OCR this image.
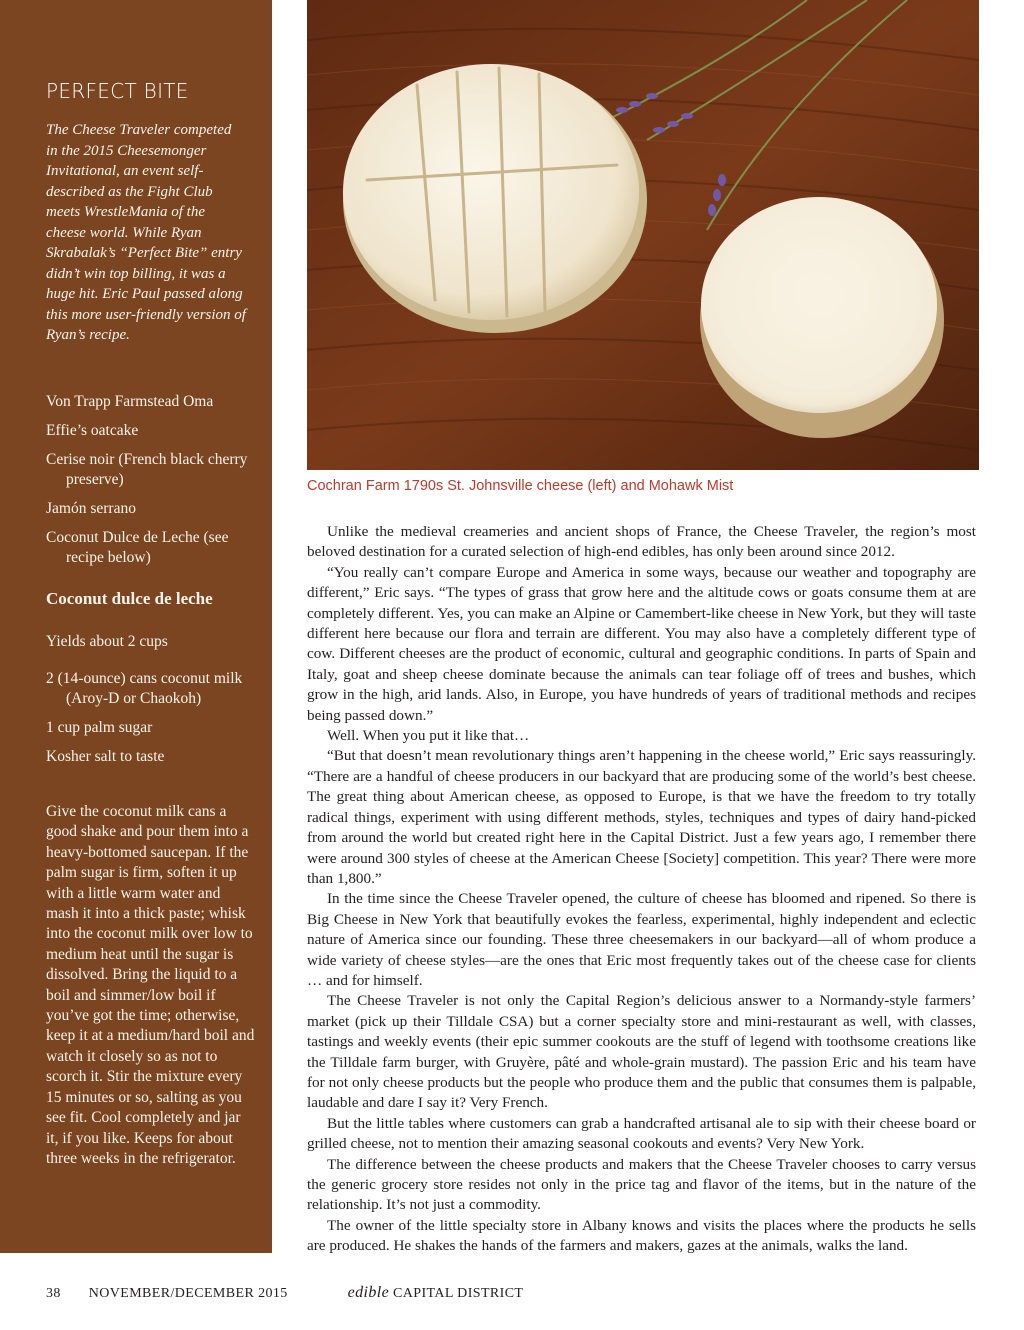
PERFECT BITE
The Cheese Traveler competed in the 2015 Cheesemonger Invitational, an event self-described as the Fight Club meets WrestleMania of the cheese world. While Ryan Skrabalak’s “Perfect Bite” entry didn’t win top billing, it was a huge hit. Eric Paul passed along this more user-friendly version of Ryan’s recipe.
Von Trapp Farmstead Oma
Effie’s oatcake
Cerise noir (French black cherry preserve)
Jamón serrano
Coconut Dulce de Leche (see recipe below)
Coconut dulce de leche
Yields about 2 cups
2 (14-ounce) cans coconut milk (Aroy-D or Chaokoh)
1 cup palm sugar
Kosher salt to taste
Give the coconut milk cans a good shake and pour them into a heavy-bottomed saucepan. If the palm sugar is firm, soften it up with a little warm water and mash it into a thick paste; whisk into the coconut milk over low to medium heat until the sugar is dissolved. Bring the liquid to a boil and simmer/low boil if you’ve got the time; otherwise, keep it at a medium/hard boil and watch it closely so as not to scorch it. Stir the mixture every 15 minutes or so, salting as you see fit. Cool completely and jar it, if you like. Keeps for about three weeks in the refrigerator.
Cochran Farm 1790s St. Johnsville cheese (left) and Mohawk Mist

Unlike the medieval creameries and ancient shops of France, the Cheese Traveler, the region’s most beloved destination for a curated selection of high-end edibles, has only been around since 2012.

“You really can’t compare Europe and America in some ways, because our weather and topography are different,” Eric says. “The types of grass that grow here and the altitude cows or goats consume them at are completely different. Yes, you can make an Alpine or Camembert-like cheese in New York, but they will taste different here because our flora and terrain are different. You may also have a completely different type of cow. Different cheeses are the product of economic, cultural and geographic conditions. In parts of Spain and Italy, goat and sheep cheese dominate because the animals can tear foliage off of trees and bushes, which grow in the high, arid lands. Also, in Europe, you have hundreds of years of traditional methods and recipes being passed down.”

Well. When you put it like that…

“But that doesn’t mean revolutionary things aren’t happening in the cheese world,” Eric says reassuringly. “There are a handful of cheese producers in our backyard that are producing some of the world’s best cheese. The great thing about American cheese, as opposed to Europe, is that we have the freedom to try totally radical things, experiment with using different methods, styles, techniques and types of dairy hand-picked from around the world but created right here in the Capital District. Just a few years ago, I remember there were around 300 styles of cheese at the American Cheese [Society] competition. This year? There were more than 1,800.”

In the time since the Cheese Traveler opened, the culture of cheese has bloomed and ripened. So there is Big Cheese in New York that beautifully evokes the fearless, experimental, highly independent and eclectic nature of America since our founding. These three cheesemakers in our backyard—all of whom produce a wide variety of cheese styles—are the ones that Eric most frequently takes out of the cheese case for clients … and for himself.

The Cheese Traveler is not only the Capital Region’s delicious answer to a Normandy-style farmers’ market (pick up their Tilldale CSA) but a corner specialty store and mini-restaurant as well, with classes, tastings and weekly events (their epic summer cookouts are the stuff of legend with toothsome creations like the Tilldale farm burger, with Gruyère, pâté and whole-grain mustard). The passion Eric and his team have for not only cheese products but the people who produce them and the public that consumes them is palpable, laudable and dare I say it? Very French.

But the little tables where customers can grab a handcrafted artisanal ale to sip with their cheese board or grilled cheese, not to mention their amazing seasonal cookouts and events? Very New York.

The difference between the cheese products and makers that the Cheese Traveler chooses to carry versus the generic grocery store resides not only in the price tag and flavor of the items, but in the nature of the relationship. It’s not just a commodity.

The owner of the little specialty store in Albany knows and visits the places where the products he sells are produced. He shakes the hands of the farmers and makers, gazes at the animals, walks the land.

38 NOVEMBER/DECEMBER 2015	edible CAPITAL DISTRICT
